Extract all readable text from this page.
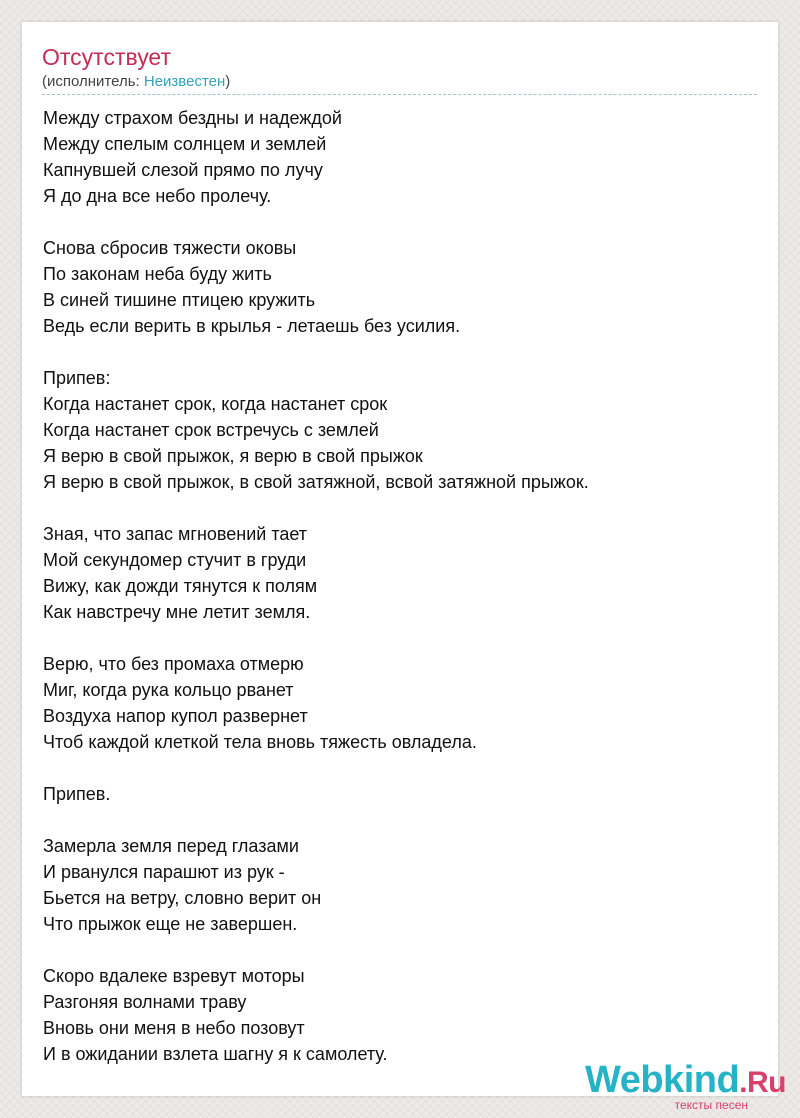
Отсутствует
(исполнитель: Неизвестен)
Между страхом бездны и надеждой
Между спелым солнцем и землей
Капнувшей слезой прямо по лучу
Я до дна все небо пролечу.
Снова сбросив тяжести оковы
По законам неба буду жить
В синей тишине птицею кружить
Ведь если верить в крылья - летаешь без усилия.
Припев:
Когда настанет срок, когда настанет срок
Когда настанет срок встречусь с землей
Я верю в свой прыжок, я верю в свой прыжок
Я верю в свой прыжок, в свой затяжной, всвой затяжной прыжок.
Зная, что запас мгновений тает
Мой секундомер стучит в груди
Вижу, как дожди тянутся к полям
Как навстречу мне летит земля.
Верю, что без промаха отмерю
Миг, когда рука кольцо рванет
Воздуха напор купол развернет
Чтоб каждой клеткой тела вновь тяжесть овладела.
Припев.
Замерла земля перед глазами
И рванулся парашют из рук -
Бьется на ветру, словно верит он
Что прыжок еще не завершен.
Скоро вдалеке взревут моторы
Разгоняя волнами траву
Вновь они меня в небо позовут
И в ожидании взлета шагну я к самолету.
Webkind.Ru
тексты песен
